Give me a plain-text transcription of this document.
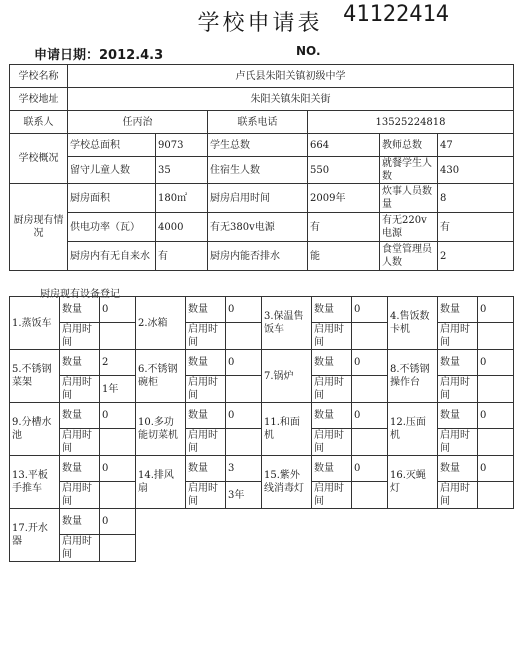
学校申请表 41122414
申请日期：2012.4.3	NO.
学校名称	卢氏县朱阳关镇初级中学					
学校地址	朱阳关镇朱阳关街					
联系人	任丙治		联系电话	13525224818		
学校概况	学校总面积	9073	学生总数	664	教师总数	47
	留守儿童人数	35	住宿生人数	550	就餐学生人数	430
厨房现有情况	厨房面积	180㎡	厨房启用时间	2009年	炊事人员数量	8
	供电功率（瓦）	4000	有无380v电源	有	有无220v电源	有
	厨房内有无自来水	有	厨房内能否排水	能	食堂管理员人数	2
厨房现有设备登记
1.蒸饭车	数量	0	2.冰箱	数量	0	3.保温售饭车	数量	0	4.售饭数卡机	数量	0
	启用时间			启用时间			启用时间			启用时间	
5.不锈钢菜架	数量	2	6.不锈钢碗柜	数量	0	7.锅炉	数量	0	8.不锈钢操作台	数量	0
	启用时间	1年		启用时间			启用时间			启用时间	
9.分槽水池	数量	0	10.多功能切菜机	数量	0	11.和面机	数量	0	12.压面机	数量	0
	启用时间			启用时间			启用时间			启用时间	
13.平板手推车	数量	0	14.排风扇	数量	3	15.紫外线消毒灯	数量	0	16.灭蝇灯	数量	0
	启用时间			启用时间	3年		启用时间			启用时间	
17.开水器	数量	0									
	启用时间										
